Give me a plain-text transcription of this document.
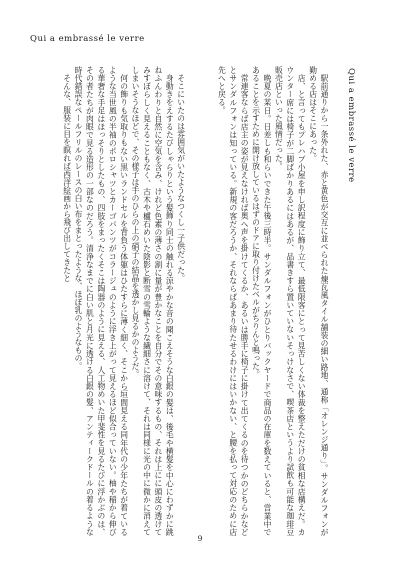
Qui a embrassé le verre
Qui a embrassé le verre

駅前通りから一条外れた、赤と黄色が交互に並べられた煉瓦風タイル舗装の細い路地、通称「オレンジ通り」。サンダルフォンが勤める店はそこにあった。

店、と言ってもプレハブ小屋を申し訳程度に飾り立て、最低限客にとって見苦しくない体裁を整えただけの貧相な店構えだ。カウンター席には椅子が二脚ばかりあるにはあるが、品書きすら置いていないそっけなさで、喫茶店というより試飲も可能な珈琲豆販売店といった風情だった。

晩夏の某日。日差しも和らいできた午後三時半。サンダルフォンがひとりバックヤードで商品の在庫を数えていると、営業中であることを示すために開け放しているはずのドアに取り付けたベルがちりんと鳴った。

常連客ならば店主の姿が見えなければ奥へ声を掛けてくるか、あるいは勝手に椅子に掛けて出てくるのを待つかのどちらかなどとサンダルフォンは知っている。新規の客だろうか、それならばあまり待たせるわけにはいかない、と腰を払って対応のために店先へと戻る。

そこにいたのは雰囲気がいたようなつくし一子供だった。

身動きをえするたびしゃらりという髪飾り同士の触れる涼やかな音の聞こえそうな白銀の髪は、後毛や横髪を中心にわずかに跳ねふんわりと自然に空気を含み、けれど色素の薄さの割に量が豊かなことを自分でその意味するもの、それは上にに頭皮の透けてみすぼらしく見えることもなく、古木や櫨石めいた陰影と断雪の雪輪ような繊細さに溶けて、それは同様に光の中に微かに消えてしまいそうなほどで、その様子は手のひらの上の硝子の結晶を透かし見るかのようだ。

何の飾りも気取りもない黒いランドセルを背負う体躯はひたすらに薄く細く、そこから垣間見える同年代の少年たちが着ているような当世風の半袖のポロシャツとカーゴパンツがコラージュのように浮き上がって見えるほど似合っていない。柚や稲から伸びる華奢な手足はほっそりとしたもの、四肢をまったくそこは陶器のように見える、人工物めいた甲斐性を見るたびに浮かぶのは、その者たちが肉眼で見る造形の一部なのだろう。清浄なまでに白い肌と月光に透ける白銀の髪、アンティークドールの着るような時代錯誤なペールフリルのレースの白い布をまとったような、ほぼ乳のようなもの。

そんな、服装に目を瞑れば西洋絵画から飛び出してきたと

9
